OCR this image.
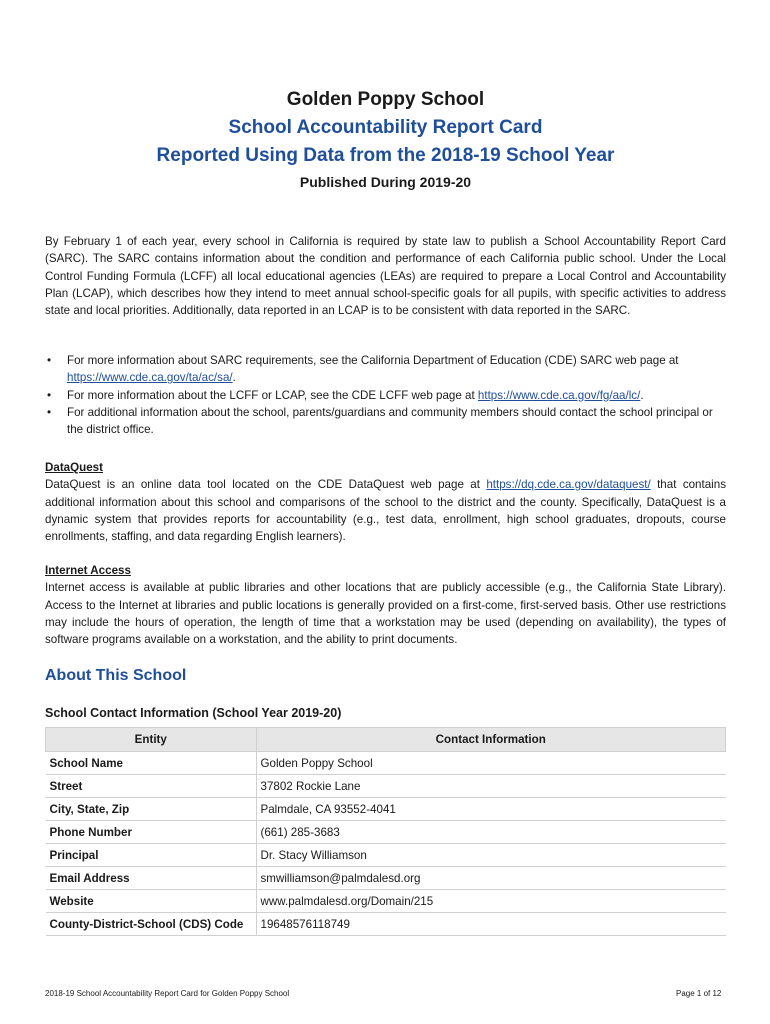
Golden Poppy School
School Accountability Report Card
Reported Using Data from the 2018-19 School Year
Published During 2019-20

By February 1 of each year, every school in California is required by state law to publish a School Accountability Report Card (SARC). The SARC contains information about the condition and performance of each California public school. Under the Local Control Funding Formula (LCFF) all local educational agencies (LEAs) are required to prepare a Local Control and Accountability Plan (LCAP), which describes how they intend to meet annual school-specific goals for all pupils, with specific activities to address state and local priorities. Additionally, data reported in an LCAP is to be consistent with data reported in the SARC.

• For more information about SARC requirements, see the California Department of Education (CDE) SARC web page at https://www.cde.ca.gov/ta/ac/sa/.
• For more information about the LCFF or LCAP, see the CDE LCFF web page at https://www.cde.ca.gov/fg/aa/lc/.
• For additional information about the school, parents/guardians and community members should contact the school principal or the district office.
DataQuest

DataQuest is an online data tool located on the CDE DataQuest web page at https://dq.cde.ca.gov/dataquest/ that contains additional information about this school and comparisons of the school to the district and the county. Specifically, DataQuest is a dynamic system that provides reports for accountability (e.g., test data, enrollment, high school graduates, dropouts, course enrollments, staffing, and data regarding English learners).

Internet Access

Internet access is available at public libraries and other locations that are publicly accessible (e.g., the California State Library). Access to the Internet at libraries and public locations is generally provided on a first-come, first-served basis. Other use restrictions may include the hours of operation, the length of time that a workstation may be used (depending on availability), the types of software programs available on a workstation, and the ability to print documents.

About This School
School Contact Information (School Year 2019-20)
Entity	Contact Information
School Name	Golden Poppy School
Street	37802 Rockie Lane
City, State, Zip	Palmdale, CA 93552-4041
Phone Number	(661) 285-3683
Principal	Dr. Stacy Williamson
Email Address	smwilliamson@palmdalesd.org
Website	www.palmdalesd.org/Domain/215
County-District-School (CDS) Code	19648576118749
2018-19 School Accountability Report Card for Golden Poppy School	Page 1 of 12
